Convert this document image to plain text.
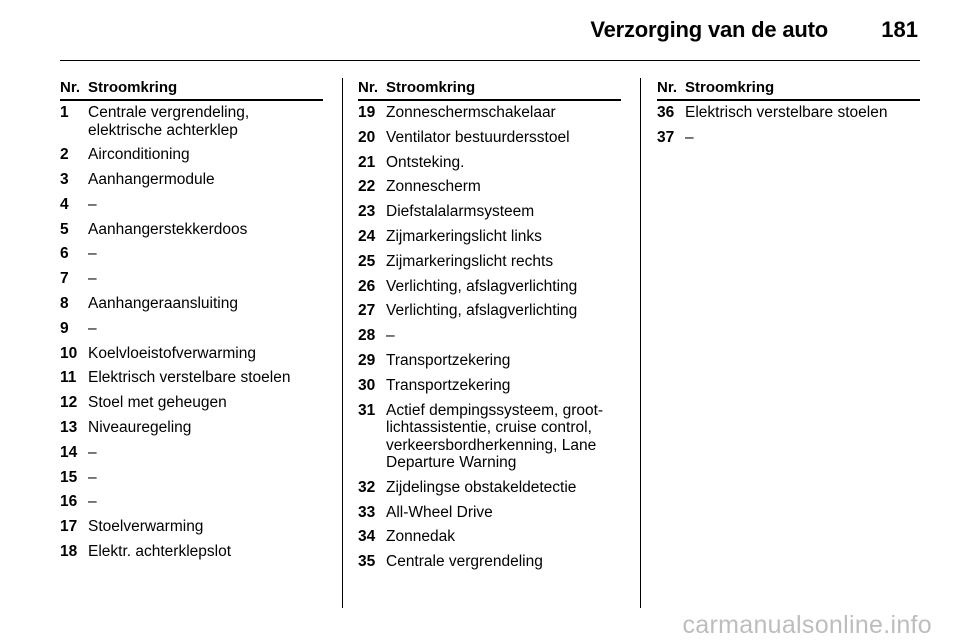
Verzorging van de auto 181
Nr. Stroomkring
1	Centrale vergrendeling, elektrische achterklep
2	Airconditioning
3	Aanhangermodule
4	–
5	Aanhangerstekkerdoos
6	–
7	–
8	Aanhangeraansluiting
9	–
10 Koelvloeistofverwarming
11 Elektrisch verstelbare stoelen
12 Stoel met geheugen
13 Niveauregeling
14 –
15 –
16 –
17 Stoelverwarming
18 Elektr. achterklepslot
Nr. Stroomkring
19 Zonneschermschakelaar
20 Ventilator bestuurdersstoel
21 Ontsteking.
22 Zonnescherm
23 Diefstalalarmsysteem
24 Zijmarkeringslicht links
25 Zijmarkeringslicht rechts
26 Verlichting, afslagverlichting
27 Verlichting, afslagverlichting
28 –
29 Transportzekering
30 Transportzekering
31 Actief dempingssysteem, groot-lichtassistentie, cruise control, verkeersbordherkenning, Lane Departure Warning
32 Zijdelingse obstakeldetectie
33 All-Wheel Drive
34 Zonnedak
35 Centrale vergrendeling
Nr. Stroomkring
36 Elektrisch verstelbare stoelen
37 –
carmanualsonline.info
